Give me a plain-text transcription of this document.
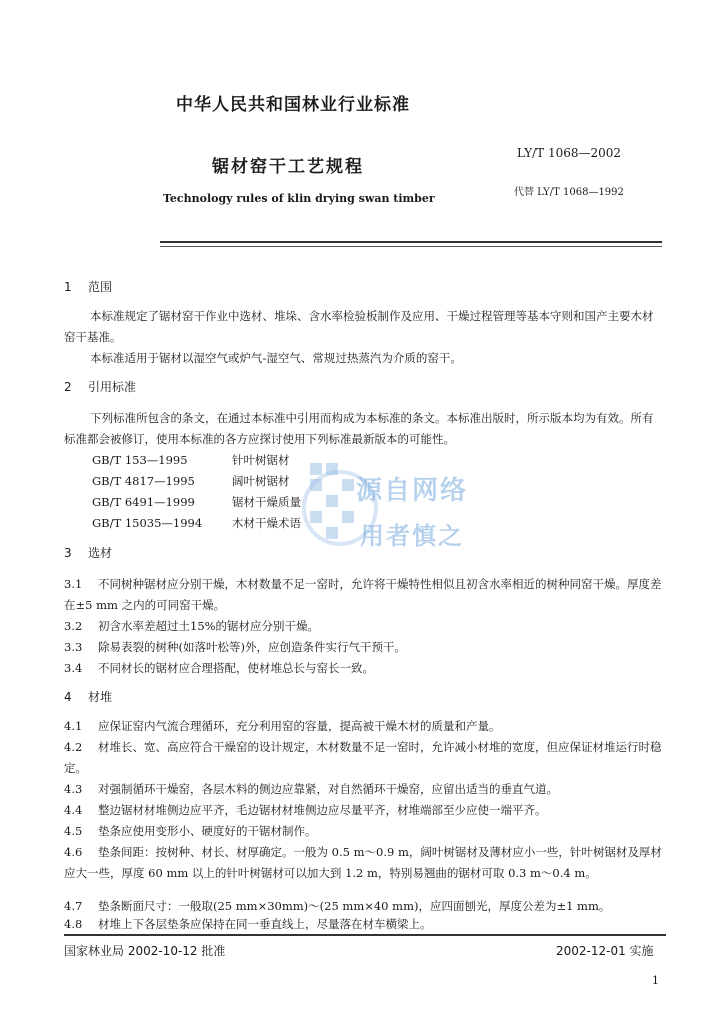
中华人民共和国林业行业标准
LY/T 1068—2002
锯材窑干工艺规程
代替 LY/T 1068—1992
Technology rules of klin drying swan timber
1 范围
本标准规定了锯材窑干作业中选材、堆垛、含水率检验板制作及应用、干燥过程管理等基本守则和国产主要木材窑干基准。
本标准适用于锯材以湿空气或炉气-湿空气、常规过热蒸汽为介质的窑干。
2 引用标准
下列标准所包含的条文，在通过本标准中引用而构成为本标准的条文。本标准出版时，所示版本均为有效。所有标准都会被修订，使用本标准的各方应探讨使用下列标准最新版本的可能性。
GB/T 153—1995	针叶树锯材
GB/T 4817—1995	阔叶树锯材
GB/T 6491—1999	锯材干燥质量
GB/T 15035—1994	木材干燥术语
源自网络
用者慎之
3 选材
3.1 不同树种锯材应分别干燥，木材数量不足一窑时，允许将干燥特性相似且初含水率相近的树种同窑干燥。厚度差在±5 mm 之内的可同窑干燥。
3.2 初含水率差超过土15%的锯材应分别干燥。
3.3 除易表裂的树种(如落叶松等)外，应创造条件实行气干预干。
3.4 不同材长的锯材应合理搭配，使材堆总长与窑长一致。
4 材堆
4.1 应保证窑内气流合理循环，充分利用窑的容量，提高被干燥木材的质量和产量。
4.2 材堆长、宽、高应符合干燥窑的设计规定，木材数量不足一窑时，允许减小材堆的宽度，但应保证材堆运行时稳定。
4.3 对强制循环干燥窑，各层木料的侧边应靠紧，对自然循环干燥窑，应留出适当的垂直气道。
4.4 整边锯材材堆侧边应平齐，毛边锯材材堆侧边应尽量平齐，材堆端部至少应使一端平齐。
4.5 垫条应使用变形小、硬度好的干锯材制作。
4.6 垫条间距：按树种、材长、材厚确定。一般为 0.5 m～0.9 m，阔叶树锯材及薄材应小一些，针叶树锯材及厚材应大一些，厚度 60 mm 以上的针叶树锯材可以加大到 1.2 m，特别易翘曲的锯材可取 0.3 m～0.4 m。
4.7 垫条断面尺寸：一般取(25 mm×30mm)～(25 mm×40 mm)，应四面刨光，厚度公差为±1 mm。
4.8 材堆上下各层垫条应保持在同一垂直线上，尽量落在材车横梁上。
国家林业局 2002-10-12 批准	2002-12-01 实施
1
